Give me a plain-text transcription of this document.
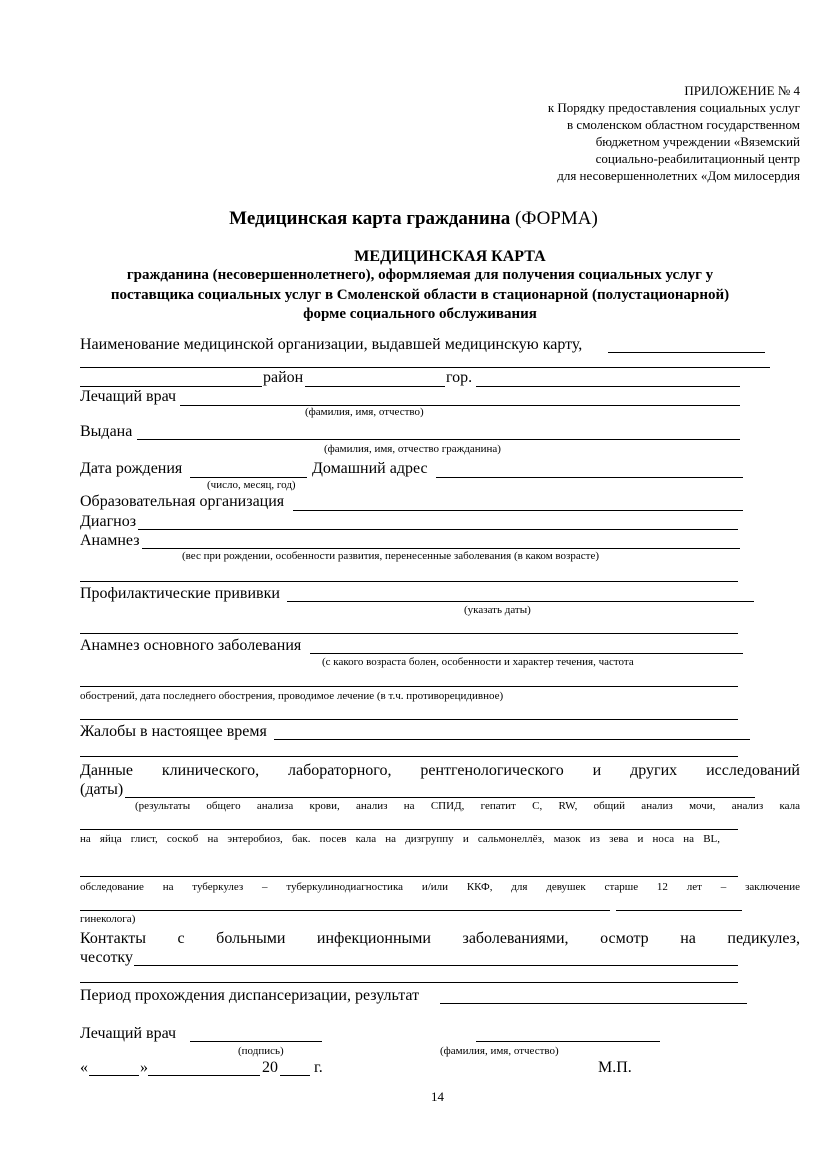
ПРИЛОЖЕНИЕ № 4
к Порядку предоставления социальных услуг
в смоленском областном государственном
бюджетном учреждении «Вяземский
социально-реабилитационный центр
для несовершеннолетних «Дом милосердия
Медицинская карта гражданина (ФОРМА)
МЕДИЦИНСКАЯ КАРТА
гражданина (несовершеннолетнего), оформляемая для получения социальных услуг у
поставщика социальных услуг в Смоленской области в стационарной (полустационарной)
форме социального обслуживания
Наименование медицинской организации, выдавшей медицинскую карту,
район	гор.
Лечащий врач
(фамилия, имя, отчество)
Выдана
(фамилия, имя, отчество гражданина)
Дата рождения	Домашний адрес
(число, месяц, год)
Образовательная организация
Диагноз
Анамнез
(вес при рождении, особенности развития, перенесенные заболевания (в каком возрасте)
Профилактические прививки
(указать даты)
Анамнез основного заболевания
(с какого возраста болен, особенности и характер течения, частота
обострений, дата последнего обострения, проводимое лечение (в т.ч. противорецидивное)
Жалобы в настоящее время
Данные клинического, лабораторного, рентгенологического и других исследований
(даты)
(результаты общего анализа крови, анализ на СПИД, гепатит С, RW, общий анализ мочи, анализ кала
на яйца глист, соскоб на энтеробиоз, бак. посев кала на дизгруппу и сальмонеллёз, мазок из зева и носа на BL,
обследование на туберкулез – туберкулинодиагностика и/или ККФ, для девушек старше 12 лет – заключение
гинеколога)
Контакты с больными инфекционными заболеваниями, осмотр на педикулез,
чесотку
Период прохождения диспансеризации, результат
Лечащий врач
(подпись)	(фамилия, имя, отчество)
«	»	20 г.	М.П.
14
